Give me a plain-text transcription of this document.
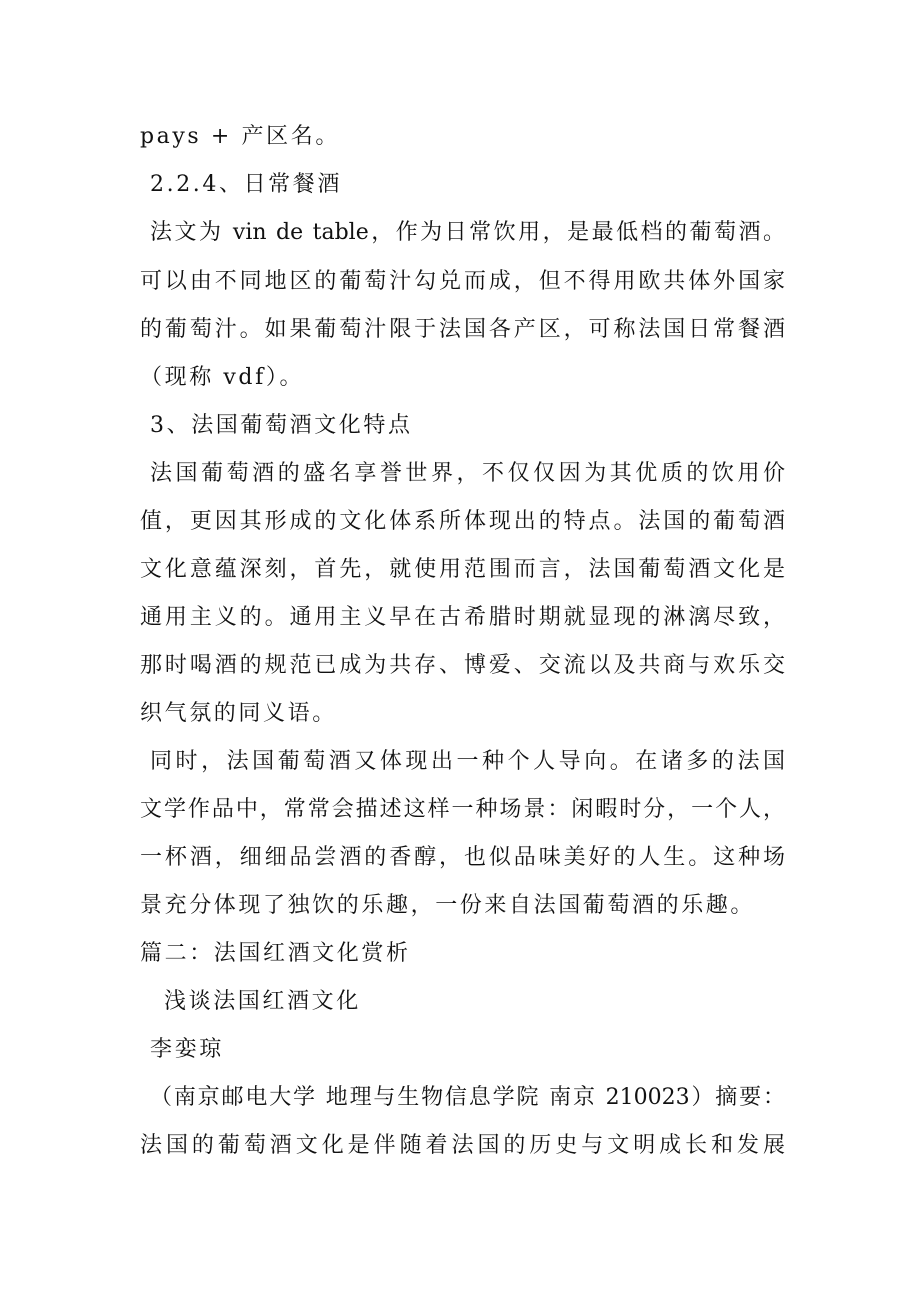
pays + 产区名。
2.2.4、日常餐酒
法文为 vin de table，作为日常饮用，是最低档的葡萄酒。
可以由不同地区的葡萄汁勾兑而成，但不得用欧共体外国家
的葡萄汁。如果葡萄汁限于法国各产区，可称法国日常餐酒
（现称 vdf）。
3、法国葡萄酒文化特点
法国葡萄酒的盛名享誉世界，不仅仅因为其优质的饮用价
值，更因其形成的文化体系所体现出的特点。法国的葡萄酒
文化意蕴深刻，首先，就使用范围而言，法国葡萄酒文化是
通用主义的。通用主义早在古希腊时期就显现的淋漓尽致，
那时喝酒的规范已成为共存、博爱、交流以及共商与欢乐交
织气氛的同义语。
同时，法国葡萄酒又体现出一种个人导向。在诸多的法国
文学作品中，常常会描述这样一种场景：闲暇时分，一个人，
一杯酒，细细品尝酒的香醇，也似品味美好的人生。这种场
景充分体现了独饮的乐趣，一份来自法国葡萄酒的乐趣。
篇二：法国红酒文化赏析
浅谈法国红酒文化
李娈琼
（南京邮电大学 地理与生物信息学院 南京 210023）摘要：
法国的葡萄酒文化是伴随着法国的历史与文明成长和发展
